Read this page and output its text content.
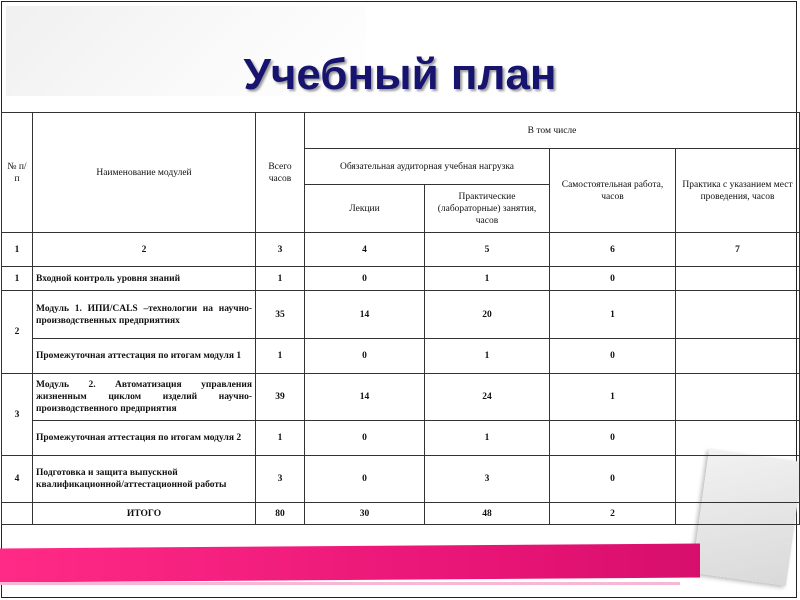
Учебный план
№ п/п	Наименование модулей	Всего часов	В том числе			
			Обязательная аудиторная учебная нагрузка		Самостоятельная работа, часов	Практика с указанием мест проведения, часов
			Лекции	Практические (лабораторные) занятия, часов		
1	2	3	4	5	6	7
1	Входной контроль уровня знаний	1	0	1	0	
2	Модуль 1. ИПИ/CALS –технологии на научно-производственных предприятиях	35	14	20	1	
	Промежуточная аттестация по итогам модуля 1	1	0	1	0	
3	Модуль 2. Автоматизация управления жизненным циклом изделий научно-производственного предприятия	39	14	24	1	
	Промежуточная аттестация по итогам модуля 2	1	0	1	0	
4	Подготовка и защита выпускной квалификационной/аттестационной работы	3	0	3	0	
	ИТОГО	80	30	48	2	
